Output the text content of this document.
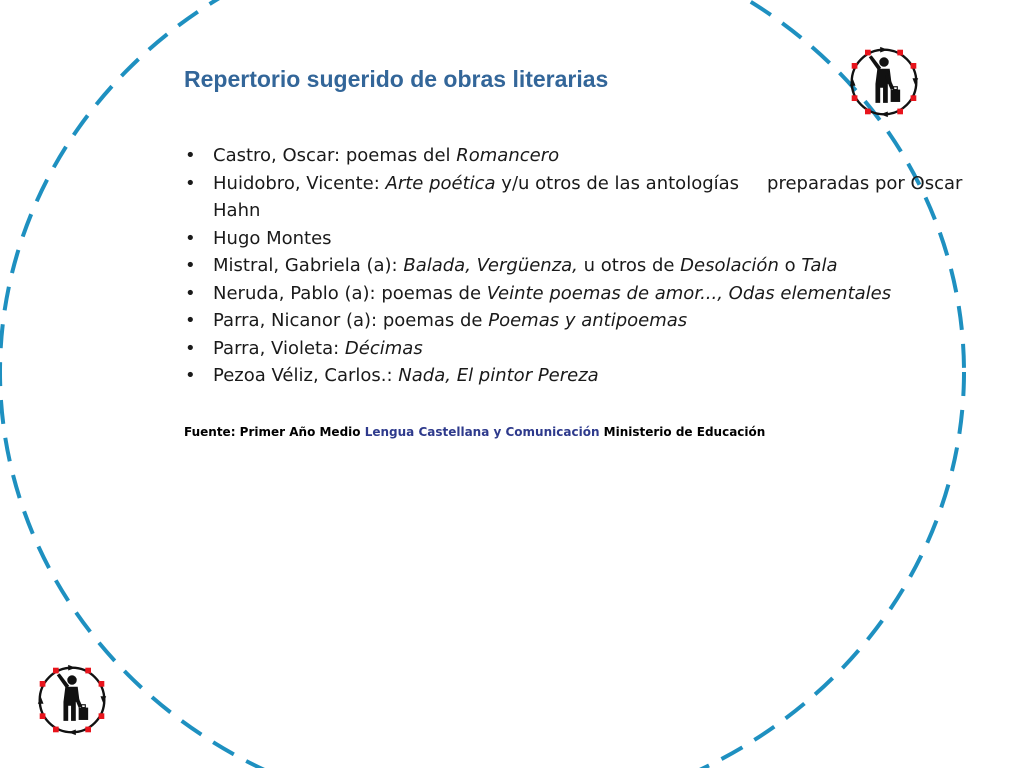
Repertorio sugerido de obras literarias
• Castro, Oscar: poemas del Romancero
• Huidobro, Vicente: Arte poética y/u otros de las antologías preparadas por Oscar Hahn
• Hugo Montes
• Mistral, Gabriela (a): Balada, Vergüenza, u otros de Desolación o Tala
• Neruda, Pablo (a): poemas de Veinte poemas de amor..., Odas elementales
• Parra, Nicanor (a): poemas de Poemas y antipoemas
• Parra, Violeta: Décimas
• Pezoa Véliz, Carlos.: Nada, El pintor Pereza

Fuente: Primer Año Medio Lengua Castellana y Comunicación Ministerio de Educación
